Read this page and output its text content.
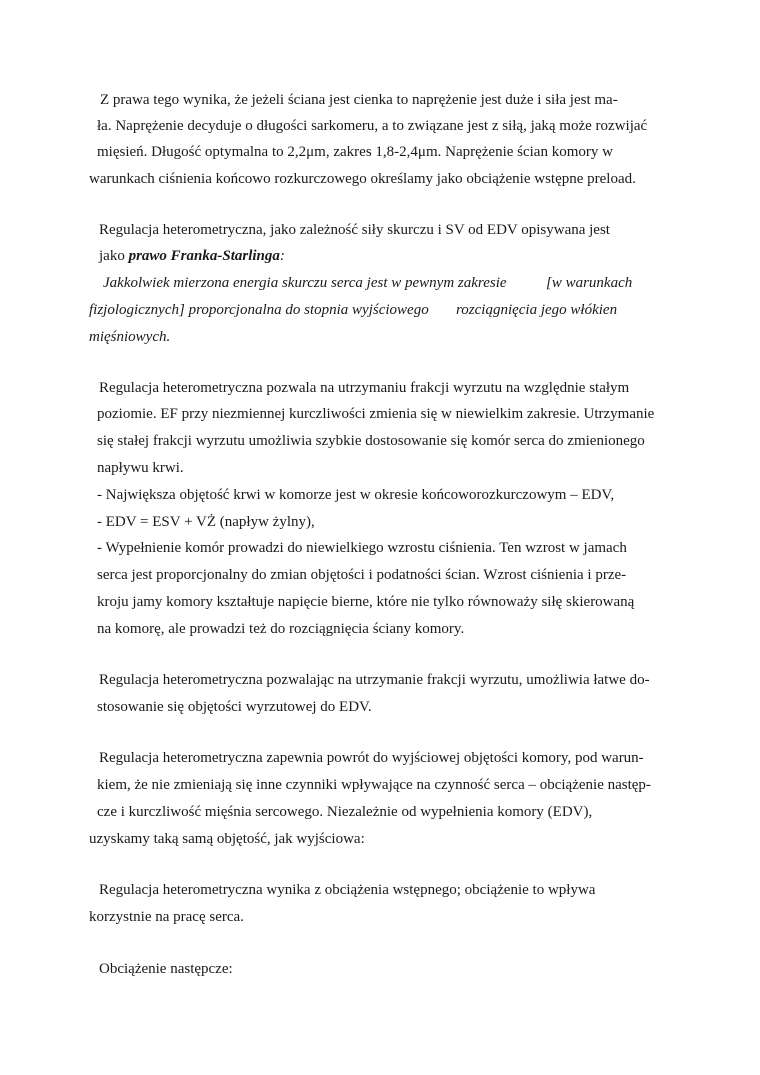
Z prawa tego wynika, że jeżeli ściana jest cienka to naprężenie jest duże i siła jest ma-
ła. Naprężenie decyduje o długości sarkomeru, a to związane jest z siłą, jaką może rozwijać
mięsień. Długość optymalna to 2,2μm, zakres 1,8-2,4μm. Naprężenie ścian komory w
warunkach ciśnienia końcowo rozkurczowego określamy jako obciążenie wstępne preload.
Regulacja heterometryczna, jako zależność siły skurczu i SV od EDV opisywana jest
jako prawo Franka-Starlinga:
Jakkolwiek mierzona energia skurczu serca jest w pewnym zakresie	[w warunkach
fizjologicznych] proporcjonalna do stopnia wyjściowego rozciągnięcia jego włókien
mięśniowych.
Regulacja heterometryczna pozwala na utrzymaniu frakcji wyrzutu na względnie stałym
poziomie. EF przy niezmiennej kurczliwości zmienia się w niewielkim zakresie. Utrzymanie
się stałej frakcji wyrzutu umożliwia szybkie dostosowanie się komór serca do zmienionego
napływu krwi.
- Największa objętość krwi w komorze jest w okresie końcoworozkurczowym – EDV,
- EDV = ESV + VŻ (napływ żylny),
- Wypełnienie komór prowadzi do niewielkiego wzrostu ciśnienia. Ten wzrost w jamach
serca jest proporcjonalny do zmian objętości i podatności ścian. Wzrost ciśnienia i prze-
kroju jamy komory kształtuje napięcie bierne, które nie tylko równoważy siłę skierowaną
na komorę, ale prowadzi też do rozciągnięcia ściany komory.
Regulacja heterometryczna pozwalając na utrzymanie frakcji wyrzutu, umożliwia łatwe do-
stosowanie się objętości wyrzutowej do EDV.
Regulacja heterometryczna zapewnia powrót do wyjściowej objętości komory, pod warun-
kiem, że nie zmieniają się inne czynniki wpływające na czynność serca – obciążenie następ-
cze i kurczliwość mięśnia sercowego. Niezależnie od wypełnienia komory (EDV),
uzyskamy taką samą objętość, jak wyjściowa:
Regulacja heterometryczna wynika z obciążenia wstępnego; obciążenie to wpływa
korzystnie na pracę serca.
Obciążenie następcze:
